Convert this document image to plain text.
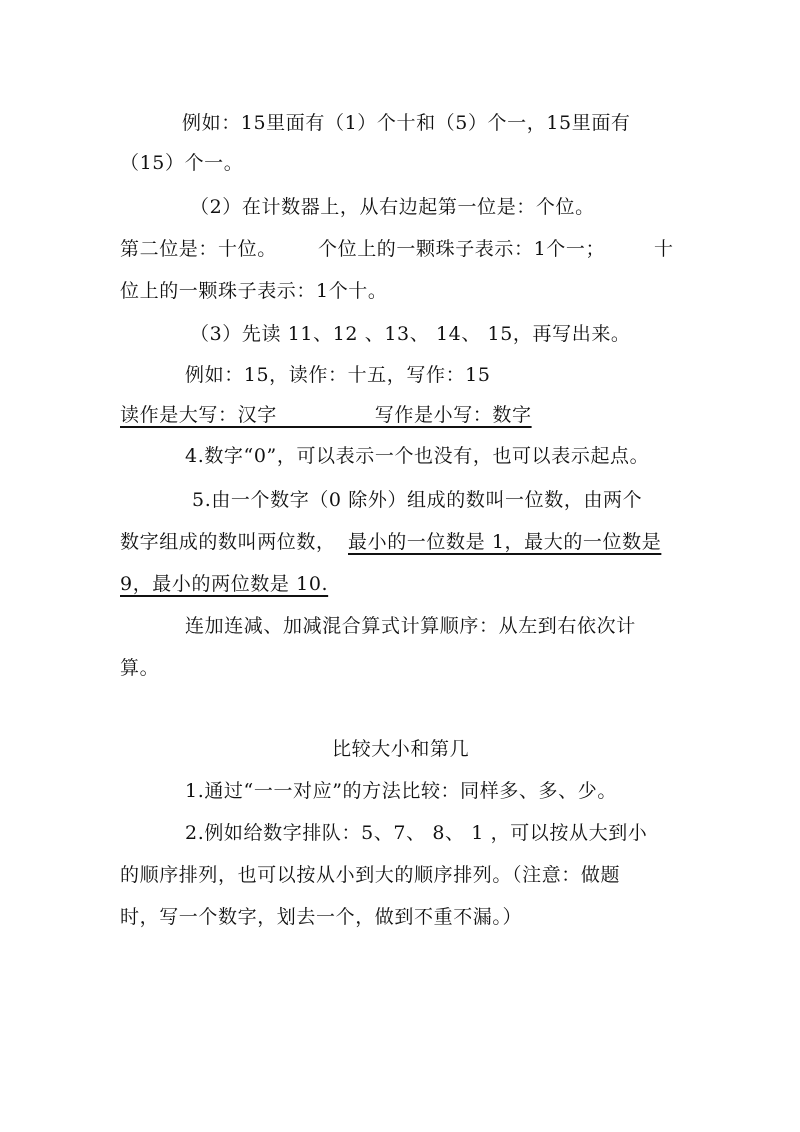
例如：15里面有（1）个十和（5）个一，15里面有
（15）个一。
（2）在计数器上，从右边起第一位是：个位。
第二位是：十位。 个位上的一颗珠子表示：1个一；	十
位上的一颗珠子表示：1个十。
（3）先读 11、12 、13、 14、 15，再写出来。
例如：15，读作：十五，写作：15
读作是大写：汉字　　　　　写作是小写：数字
4.数字“0”，可以表示一个也没有，也可以表示起点。
5.由一个数字（0 除外）组成的数叫一位数，由两个
数字组成的数叫两位数， 最小的一位数是 1，最大的一位数是
9，最小的两位数是 10.
连加连减、加减混合算式计算顺序：从左到右依次计
算。
比较大小和第几
1.通过“一一对应”的方法比较：同样多、多、少。
2.例如给数字排队：5、7、 8、 1 ，可以按从大到小
的顺序排列，也可以按从小到大的顺序排列。（注意：做题
时，写一个数字，划去一个，做到不重不漏。）
